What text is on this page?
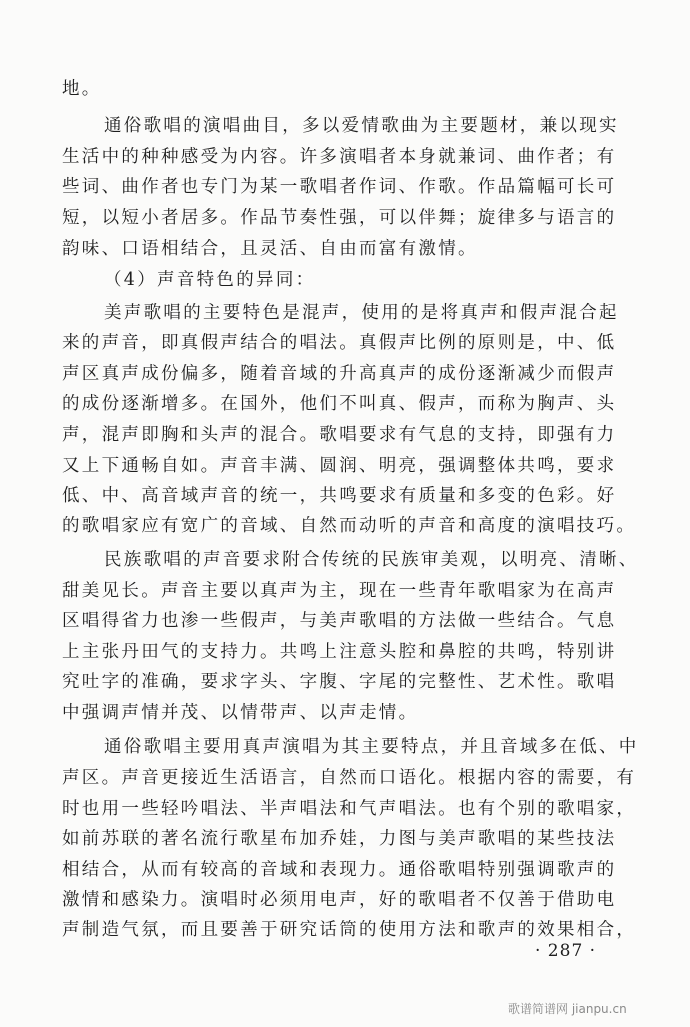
地。
通俗歌唱的演唱曲目，多以爱情歌曲为主要题材，兼以现实
生活中的种种感受为内容。许多演唱者本身就兼词、曲作者；有
些词、曲作者也专门为某一歌唱者作词、作歌。作品篇幅可长可
短，以短小者居多。作品节奏性强，可以伴舞；旋律多与语言的
韵味、口语相结合，且灵活、自由而富有激情。
（4）声音特色的异同：
美声歌唱的主要特色是混声，使用的是将真声和假声混合起
来的声音，即真假声结合的唱法。真假声比例的原则是，中、低
声区真声成份偏多，随着音域的升高真声的成份逐渐减少而假声
的成份逐渐增多。在国外，他们不叫真、假声，而称为胸声、头
声，混声即胸和头声的混合。歌唱要求有气息的支持，即强有力
又上下通畅自如。声音丰满、圆润、明亮，强调整体共鸣，要求
低、中、高音域声音的统一，共鸣要求有质量和多变的色彩。好
的歌唱家应有宽广的音域、自然而动听的声音和高度的演唱技巧。
民族歌唱的声音要求附合传统的民族审美观，以明亮、清晰、
甜美见长。声音主要以真声为主，现在一些青年歌唱家为在高声
区唱得省力也渗一些假声，与美声歌唱的方法做一些结合。气息
上主张丹田气的支持力。共鸣上注意头腔和鼻腔的共鸣，特别讲
究吐字的准确，要求字头、字腹、字尾的完整性、艺术性。歌唱
中强调声情并茂、以情带声、以声走情。
通俗歌唱主要用真声演唱为其主要特点，并且音域多在低、中
声区。声音更接近生活语言，自然而口语化。根据内容的需要，有
时也用一些轻吟唱法、半声唱法和气声唱法。也有个别的歌唱家，
如前苏联的著名流行歌星布加乔娃，力图与美声歌唱的某些技法
相结合，从而有较高的音域和表现力。通俗歌唱特别强调歌声的
激情和感染力。演唱时必须用电声，好的歌唱者不仅善于借助电
声制造气氛，而且要善于研究话筒的使用方法和歌声的效果相合，
· 287 ·
歌谱简谱网 jianpu.cn
